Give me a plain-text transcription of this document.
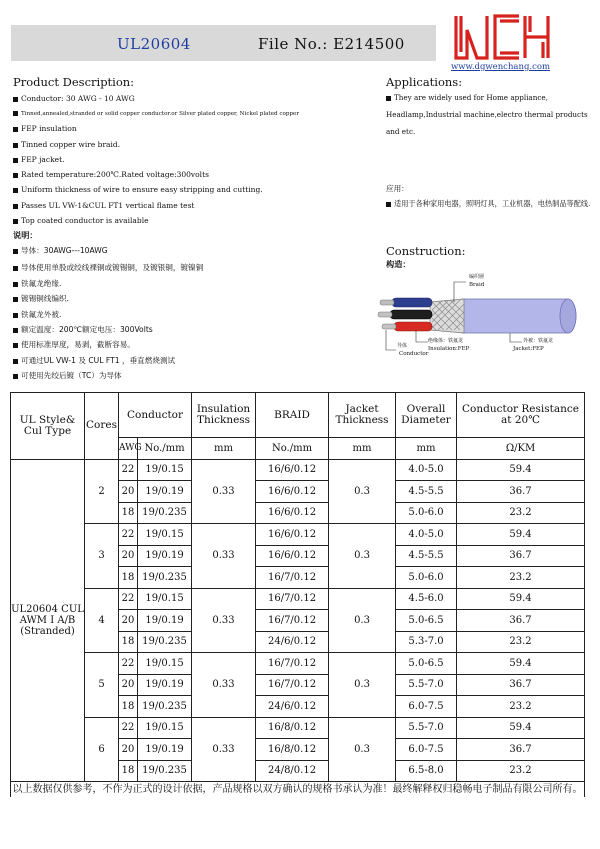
UL20604	File No.: E214500
www.dgwenchang.com
Product Description:
Conductor: 30 AWG - 10 AWG
Tinned,annealed,stranded or solid copper conductor.or Silver plated copper, Nickel plated copper
FEP insulation
Tinned copper wire braid.
FEP jacket.
Rated temperature:200℃.Rated voltage:300volts
Uniform thickness of wire to ensure easy stripping and cutting.
Passes UL VW-1&CUL FT1 vertical flame test
Top coated conductor is available
说明：
导体：30AWG---10AWG
导体使用单股或绞线裸铜或镀锡铜，及镀银铜，镀镍铜
铁氟龙绝缘.
镀锡铜线编织.
铁氟龙外被.
额定温度：200℃额定电压：300Volts
使用标准厚度，易剥，截断容易。
可通过UL VW-1 及 CUL FT1 ，垂直燃烧测试
可使用先绞后镀（TC）为导体
Applications:
They are widely used for Home appliance, Headlamp,Industrial machine,electro thermal products and etc.
应用：
适用于各种家用电器，照明灯具，工业机器，电热制品等配线.
Construction:
构造：
编织層
Braid
导体
Conductor
绝缘体：铁氟龙
Insulation:FEP
外被：铁氟龙
Jacket:FEP
UL Style& Cul Type	Cores	Conductor		Insulation Thickness	BRAID	Jacket Thickness	Overall Diameter	Conductor Resistance at 20℃
		AWG	No./mm	mm	No./mm	mm	mm	Ω/KM
UL20604 CUL AWM I A/B (Stranded)	2	22	19/0.15	0.33	16/6/0.12	0.3	4.0-5.0	59.4
		20	19/0.19		16/6/0.12		4.5-5.5	36.7
		18	19/0.235		16/6/0.12		5.0-6.0	23.2
	3	22	19/0.15	0.33	16/6/0.12	0.3	4.0-5.0	59.4
		20	19/0.19		16/6/0.12		4.5-5.5	36.7
		18	19/0.235		16/7/0.12		5.0-6.0	23.2
	4	22	19/0.15	0.33	16/7/0.12	0.3	4.5-6.0	59.4
		20	19/0.19		16/7/0.12		5.0-6.5	36.7
		18	19/0.235		24/6/0.12		5.3-7.0	23.2
	5	22	19/0.15	0.33	16/7/0.12	0.3	5.0-6.5	59.4
		20	19/0.19		16/7/0.12		5.5-7.0	36.7
		18	19/0.235		24/6/0.12		6.0-7.5	23.2
	6	22	19/0.15	0.33	16/8/0.12	0.3	5.5-7.0	59.4
		20	19/0.19		16/8/0.12		6.0-7.5	36.7
		18	19/0.235		24/8/0.12		6.5-8.0	23.2
以上数据仅供参考，不作为正式的设计依据，产品规格以双方确认的规格书承认为准！最终解释权归稳畅电子制品有限公司所有。								
